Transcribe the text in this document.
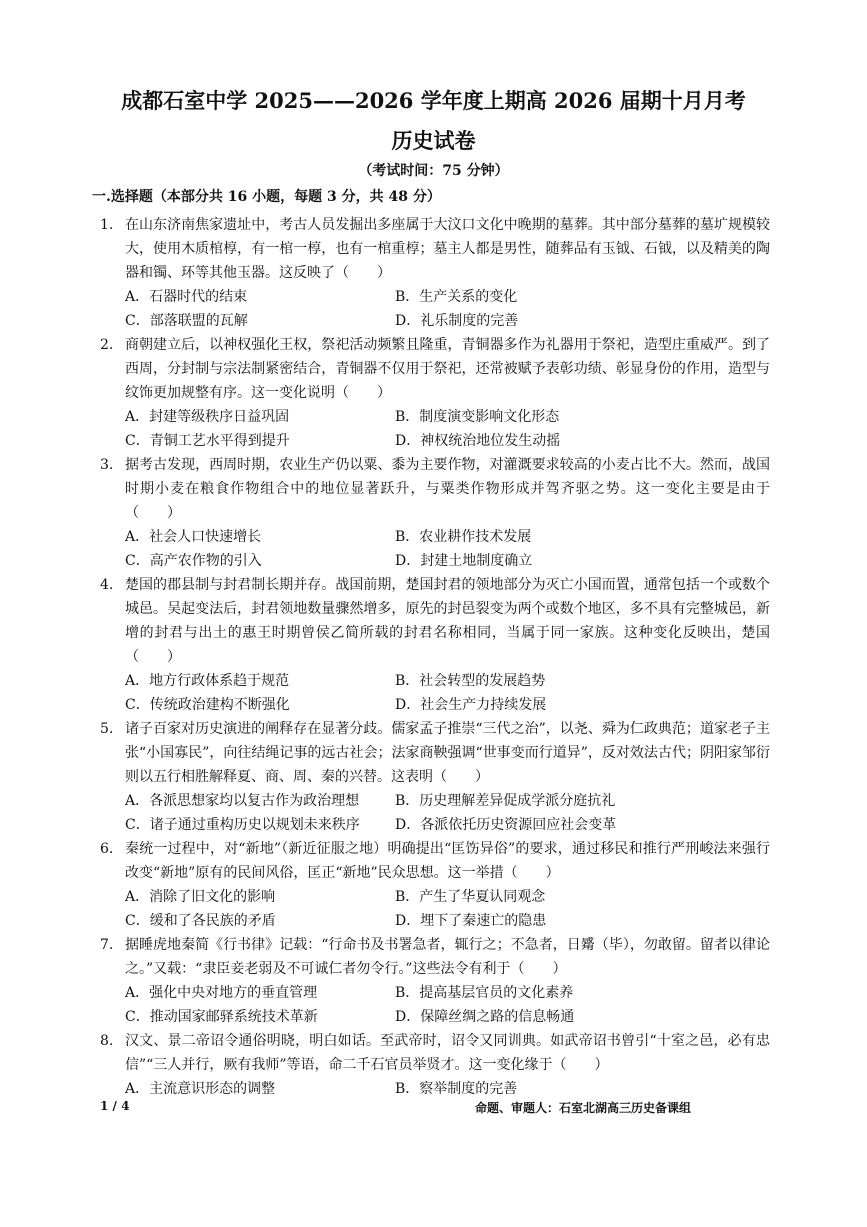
成都石室中学 2025——2026 学年度上期高 2026 届期十月月考
历史试卷
（考试时间：75 分钟）
一.选择题（本部分共 16 小题，每题 3 分，共 48 分）
1. 在山东济南焦家遗址中，考古人员发掘出多座属于大汶口文化中晚期的墓葬。其中部分墓葬的墓圹规模较大，使用木质棺椁，有一棺一椁，也有一棺重椁；墓主人都是男性，随葬品有玉钺、石钺，以及精美的陶器和镯、环等其他玉器。这反映了（　　）
A．石器时代的结束	B．生产关系的变化
C．部落联盟的瓦解	D．礼乐制度的完善
2. 商朝建立后，以神权强化王权，祭祀活动频繁且隆重，青铜器多作为礼器用于祭祀，造型庄重威严。到了西周，分封制与宗法制紧密结合，青铜器不仅用于祭祀，还常被赋予表彰功绩、彰显身份的作用，造型与纹饰更加规整有序。这一变化说明（　　）
A．封建等级秩序日益巩固	B．制度演变影响文化形态
C．青铜工艺水平得到提升	D．神权统治地位发生动摇
3. 据考古发现，西周时期，农业生产仍以粟、黍为主要作物，对灌溉要求较高的小麦占比不大。然而，战国时期小麦在粮食作物组合中的地位显著跃升，与粟类作物形成并驾齐驱之势。这一变化主要是由于（　　）
A．社会人口快速增长	B．农业耕作技术发展
C．高产农作物的引入	D．封建土地制度确立
4. 楚国的郡县制与封君制长期并存。战国前期，楚国封君的领地部分为灭亡小国而置，通常包括一个或数个城邑。吴起变法后，封君领地数量骤然增多，原先的封邑裂变为两个或数个地区，多不具有完整城邑，新增的封君与出土的惠王时期曾侯乙简所载的封君名称相同，当属于同一家族。这种变化反映出，楚国（　　）
A．地方行政体系趋于规范	B．社会转型的发展趋势
C．传统政治建构不断强化	D．社会生产力持续发展
5. 诸子百家对历史演进的阐释存在显著分歧。儒家孟子推崇“三代之治”，以尧、舜为仁政典范；道家老子主张“小国寡民”，向往结绳记事的远古社会；法家商鞅强调“世事变而行道异”，反对效法古代；阴阳家邹衍则以五行相胜解释夏、商、周、秦的兴替。这表明（　　）
A．各派思想家均以复古作为政治理想	B．历史理解差异促成学派分庭抗礼
C．诸子通过重构历史以规划未来秩序	D．各派依托历史资源回应社会变革
6. 秦统一过程中，对“新地”（新近征服之地）明确提出“匡饬异俗”的要求，通过移民和推行严刑峻法来强行改变“新地”原有的民间风俗，匡正“新地”民众思想。这一举措（　　）
A．消除了旧文化的影响	B．产生了华夏认同观念
C．缓和了各民族的矛盾	D．埋下了秦速亡的隐患
7. 据睡虎地秦简《行书律》记载：“行命书及书署急者，辄行之；不急者，日觱（毕），勿敢留。留者以律论之。”又载：“隶臣妾老弱及不可诚仁者勿令行。”这些法令有利于（　　）
A．强化中央对地方的垂直管理	B．提高基层官员的文化素养
C．推动国家邮驿系统技术革新	D．保障丝绸之路的信息畅通
8. 汉文、景二帝诏令通俗明晓，明白如话。至武帝时，诏令又同训典。如武帝诏书曾引“十室之邑，必有忠信”“三人并行，厥有我师”等语，命二千石官员举贤才。这一变化缘于（　　）
A．主流意识形态的调整	B．察举制度的完善
1 / 4	命题、审题人：石室北湖高三历史备课组
